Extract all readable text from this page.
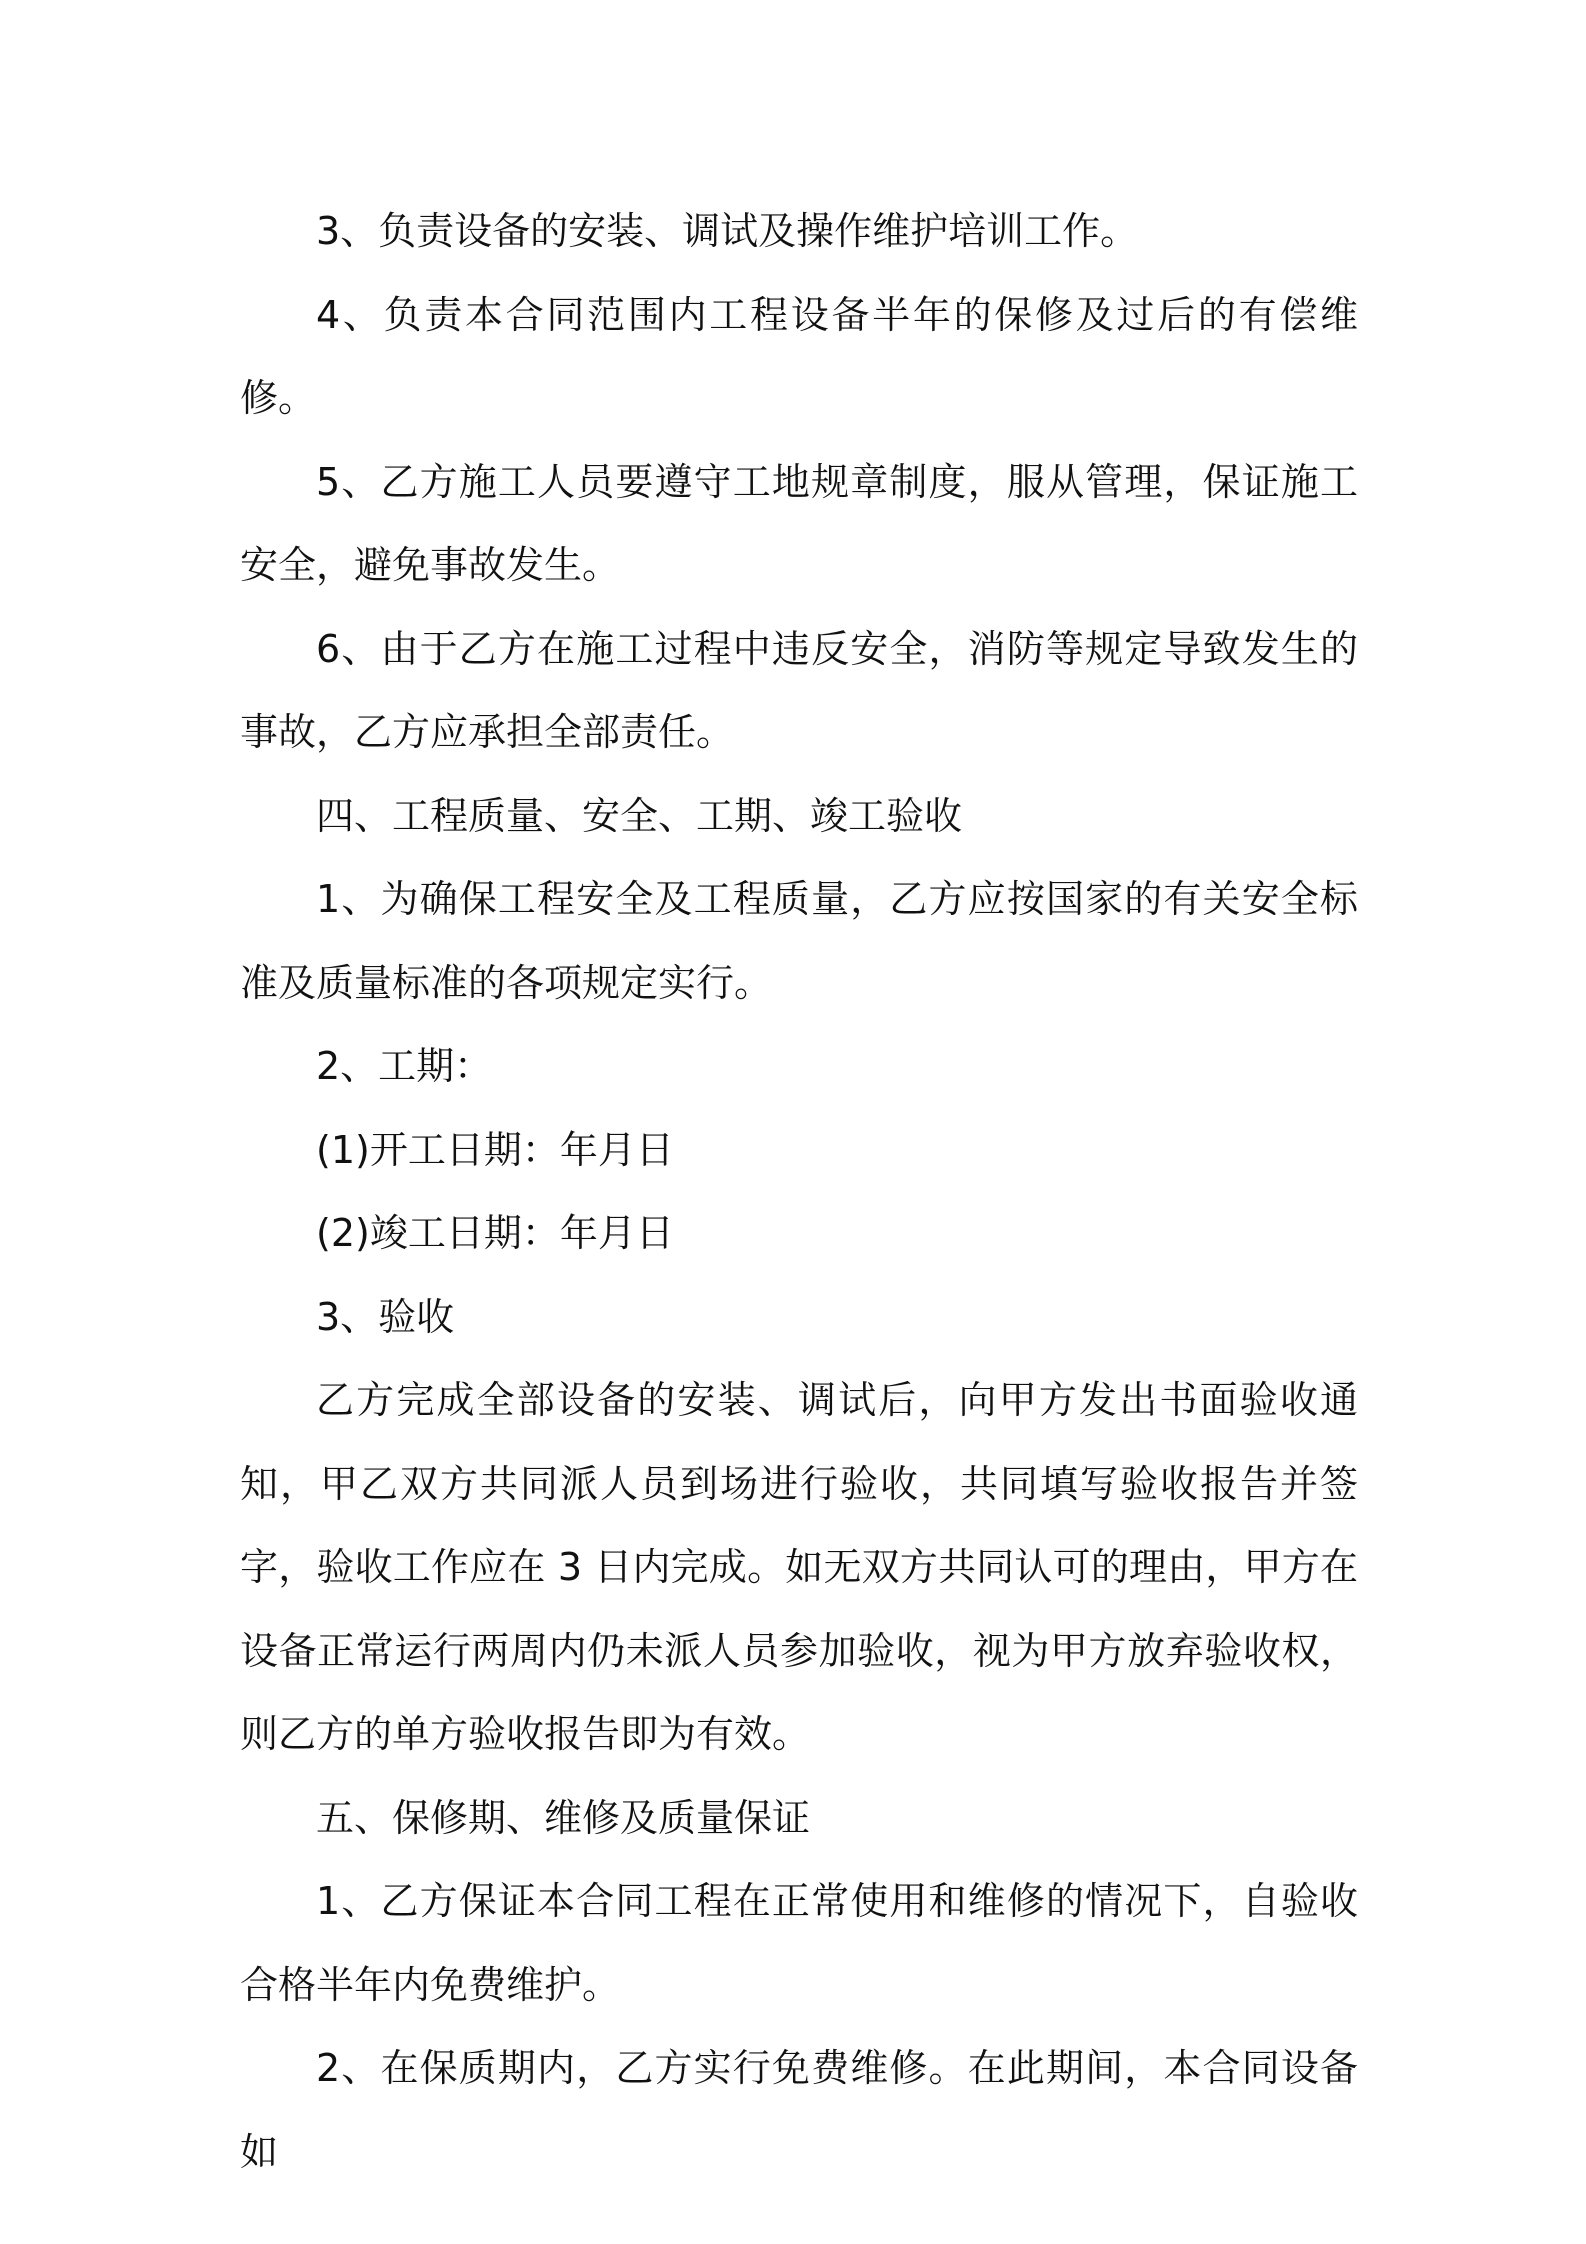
3、负责设备的安装、调试及操作维护培训工作。

4、负责本合同范围内工程设备半年的保修及过后的有偿维修。

5、乙方施工人员要遵守工地规章制度，服从管理，保证施工安全，避免事故发生。

6、由于乙方在施工过程中违反安全，消防等规定导致发生的事故，乙方应承担全部责任。

四、工程质量、安全、工期、竣工验收

1、为确保工程安全及工程质量，乙方应按国家的有关安全标准及质量标准的各项规定实行。

2、工期：

(1)开工日期：年月日

(2)竣工日期：年月日

3、验收

乙方完成全部设备的安装、调试后，向甲方发出书面验收通知，甲乙双方共同派人员到场进行验收，共同填写验收报告并签字，验收工作应在 3 日内完成。如无双方共同认可的理由，甲方在设备正常运行两周内仍未派人员参加验收，视为甲方放弃验收权，则乙方的单方验收报告即为有效。

五、保修期、维修及质量保证

1、乙方保证本合同工程在正常使用和维修的情况下，自验收合格半年内免费维护。

2、在保质期内，乙方实行免费维修。在此期间，本合同设备如
